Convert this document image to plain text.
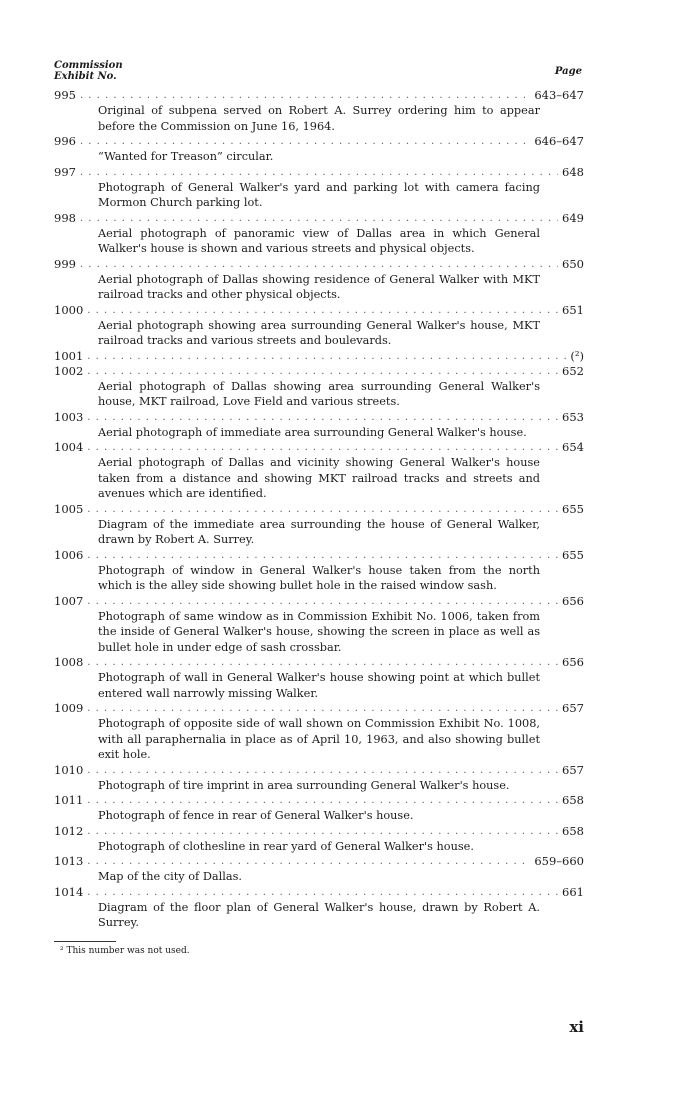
Commission
Exhibit No.	Page
995 . . .	643–647
Original of subpena served on Robert A. Surrey ordering him to appear before the Commission on June 16, 1964.
996 . . .	646–647
“Wanted for Treason” circular.
997 . . .	648
Photograph of General Walker's yard and parking lot with camera facing Mormon Church parking lot.
998 . . .	649
Aerial photograph of panoramic view of Dallas area in which General Walker's house is shown and various streets and physical objects.
999 . . .	650
Aerial photograph of Dallas showing residence of General Walker with MKT railroad tracks and other physical objects.
1000 . . .	651
Aerial photograph showing area surrounding General Walker's house, MKT railroad tracks and various streets and boulevards.
1001 . . .	(²)
1002 . . .	652
Aerial photograph of Dallas showing area surrounding General Walker's house, MKT railroad, Love Field and various streets.
1003 . . .	653
Aerial photograph of immediate area surrounding General Walker's house.
1004 . . .	654
Aerial photograph of Dallas and vicinity showing General Walker's house taken from a distance and showing MKT railroad tracks and streets and avenues which are identified.
1005 . . .	655
Diagram of the immediate area surrounding the house of General Walker, drawn by Robert A. Surrey.
1006 . . .	655
Photograph of window in General Walker's house taken from the north which is the alley side showing bullet hole in the raised window sash.
1007 . . .	656
Photograph of same window as in Commission Exhibit No. 1006, taken from the inside of General Walker's house, showing the screen in place as well as bullet hole in under edge of sash crossbar.
1008 . . .	656
Photograph of wall in General Walker's house showing point at which bullet entered wall narrowly missing Walker.
1009 . . .	657
Photograph of opposite side of wall shown on Commission Exhibit No. 1008, with all paraphernalia in place as of April 10, 1963, and also showing bullet exit hole.
1010 . . .	657
Photograph of tire imprint in area surrounding General Walker's house.
1011 . . .	658
Photograph of fence in rear of General Walker's house.
1012 . . .	658
Photograph of clothesline in rear yard of General Walker's house.
1013 . . .	659–660
Map of the city of Dallas.
1014 . . .	661
Diagram of the floor plan of General Walker's house, drawn by Robert A. Surrey.
² This number was not used.
xi
